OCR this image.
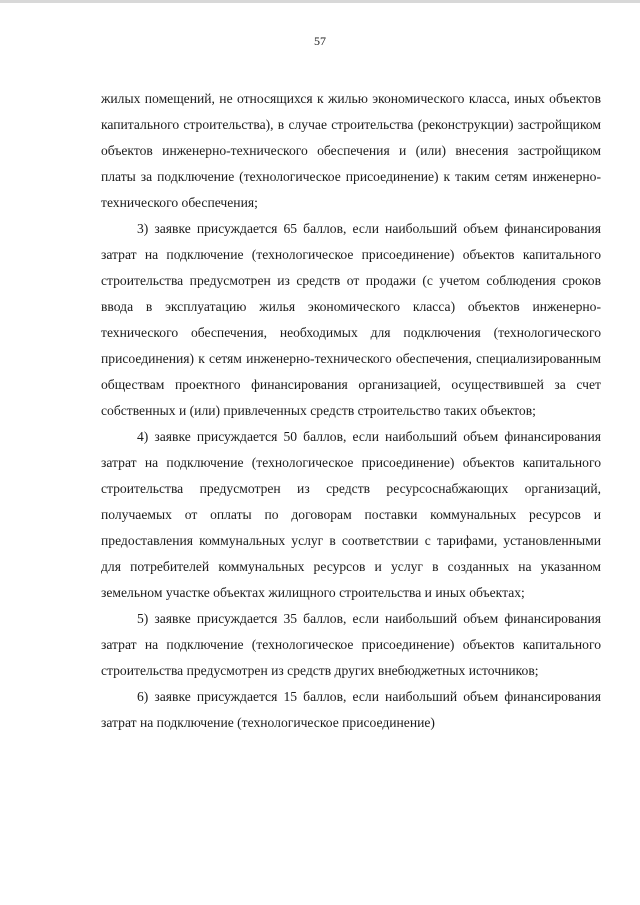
57

жилых помещений, не относящихся к жилью экономического класса, иных объектов капитального строительства), в случае строительства (реконструкции) застройщиком объектов инженерно-технического обеспечения и (или) внесения застройщиком платы за подключение (технологическое присоединение) к таким сетям инженерно-технического обеспечения;

3) заявке присуждается 65 баллов, если наибольший объем финансирования затрат на подключение (технологическое присоединение) объектов капитального строительства предусмотрен из средств от продажи (с учетом соблюдения сроков ввода в эксплуатацию жилья экономического класса) объектов инженерно-технического обеспечения, необходимых для подключения (технологического присоединения) к сетям инженерно-технического обеспечения, специализированным обществам проектного финансирования организацией, осуществившей за счет собственных и (или) привлеченных средств строительство таких объектов;

4) заявке присуждается 50 баллов, если наибольший объем финансирования затрат на подключение (технологическое присоединение) объектов капитального строительства предусмотрен из средств ресурсоснабжающих организаций, получаемых от оплаты по договорам поставки коммунальных ресурсов и предоставления коммунальных услуг в соответствии с тарифами, установленными для потребителей коммунальных ресурсов и услуг в созданных на указанном земельном участке объектах жилищного строительства и иных объектах;

5) заявке присуждается 35 баллов, если наибольший объем финансирования затрат на подключение (технологическое присоединение) объектов капитального строительства предусмотрен из средств других внебюджетных источников;

6) заявке присуждается 15 баллов, если наибольший объем финансирования затрат на подключение (технологическое присоединение)
